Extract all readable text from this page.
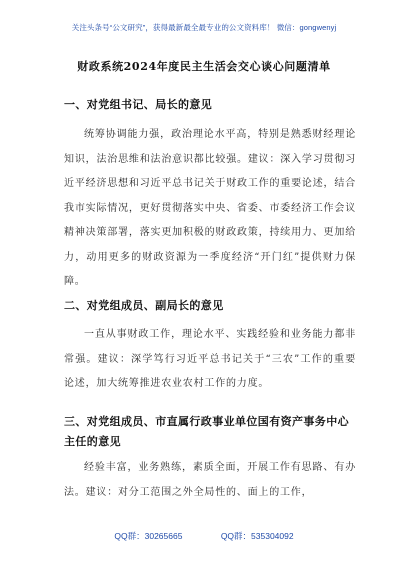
关注头条号“公文研究”，获得最新最全最专业的公文资料库！ 微信：gongwenyj
财政系统2024年度民主生活会交心谈心问题清单
一、对党组书记、局长的意见
统筹协调能力强，政治理论水平高，特别是熟悉财经理论知识，法治思维和法治意识都比较强。建议：深入学习贯彻习近平经济思想和习近平总书记关于财政工作的重要论述，结合我市实际情况，更好贯彻落实中央、省委、市委经济工作会议精神决策部署，落实更加积极的财政政策，持续用力、更加给力，动用更多的财政资源为一季度经济“开门红”提供财力保障。
二、对党组成员、副局长的意见
一直从事财政工作，理论水平、实践经验和业务能力都非常强。建议：深学笃行习近平总书记关于“三农”工作的重要论述，加大统筹推进农业农村工作的力度。
三、对党组成员、市直属行政事业单位国有资产事务中心主任的意见
经验丰富，业务熟练，素质全面，开展工作有思路、有办法。建议：对分工范围之外全局性的、面上的工作，
QQ群：30265665	QQ群：535304092
